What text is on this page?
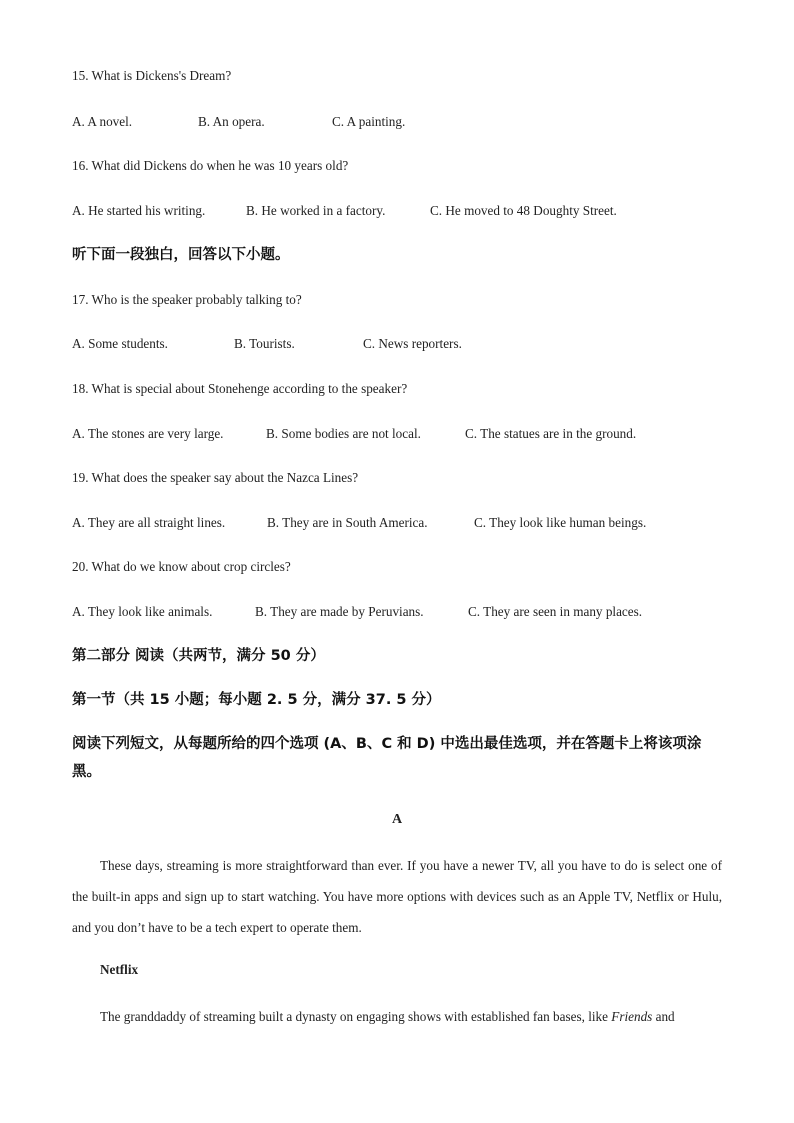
15. What is Dickens's Dream?
A. A novel.	B. An opera.	C. A painting.
16. What did Dickens do when he was 10 years old?
A. He started his writing.	B. He worked in a factory.	C. He moved to 48 Doughty Street.
听下面一段独白，回答以下小题。
17. Who is the speaker probably talking to?
A. Some students.	B. Tourists.	C. News reporters.
18. What is special about Stonehenge according to the speaker?
A. The stones are very large.	B. Some bodies are not local.	C. The statues are in the ground.
19. What does the speaker say about the Nazca Lines?
A. They are all straight lines.	B. They are in South America.	C. They look like human beings.
20. What do we know about crop circles?
A. They look like animals.	B. They are made by Peruvians.	C. They are seen in many places.
第二部分 阅读（共两节，满分 50 分）
第一节（共 15 小题；每小题 2. 5 分，满分 37. 5 分）
阅读下列短文，从每题所给的四个选项 (A、B、C 和 D) 中选出最佳选项，并在答题卡上将该项涂黑。
A
These days, streaming is more straightforward than ever. If you have a newer TV, all you have to do is select one of the built-in apps and sign up to start watching. You have more options with devices such as an Apple TV, Netflix or Hulu, and you don’t have to be a tech expert to operate them.
Netflix
The granddaddy of streaming built a dynasty on engaging shows with established fan bases, like Friends and
